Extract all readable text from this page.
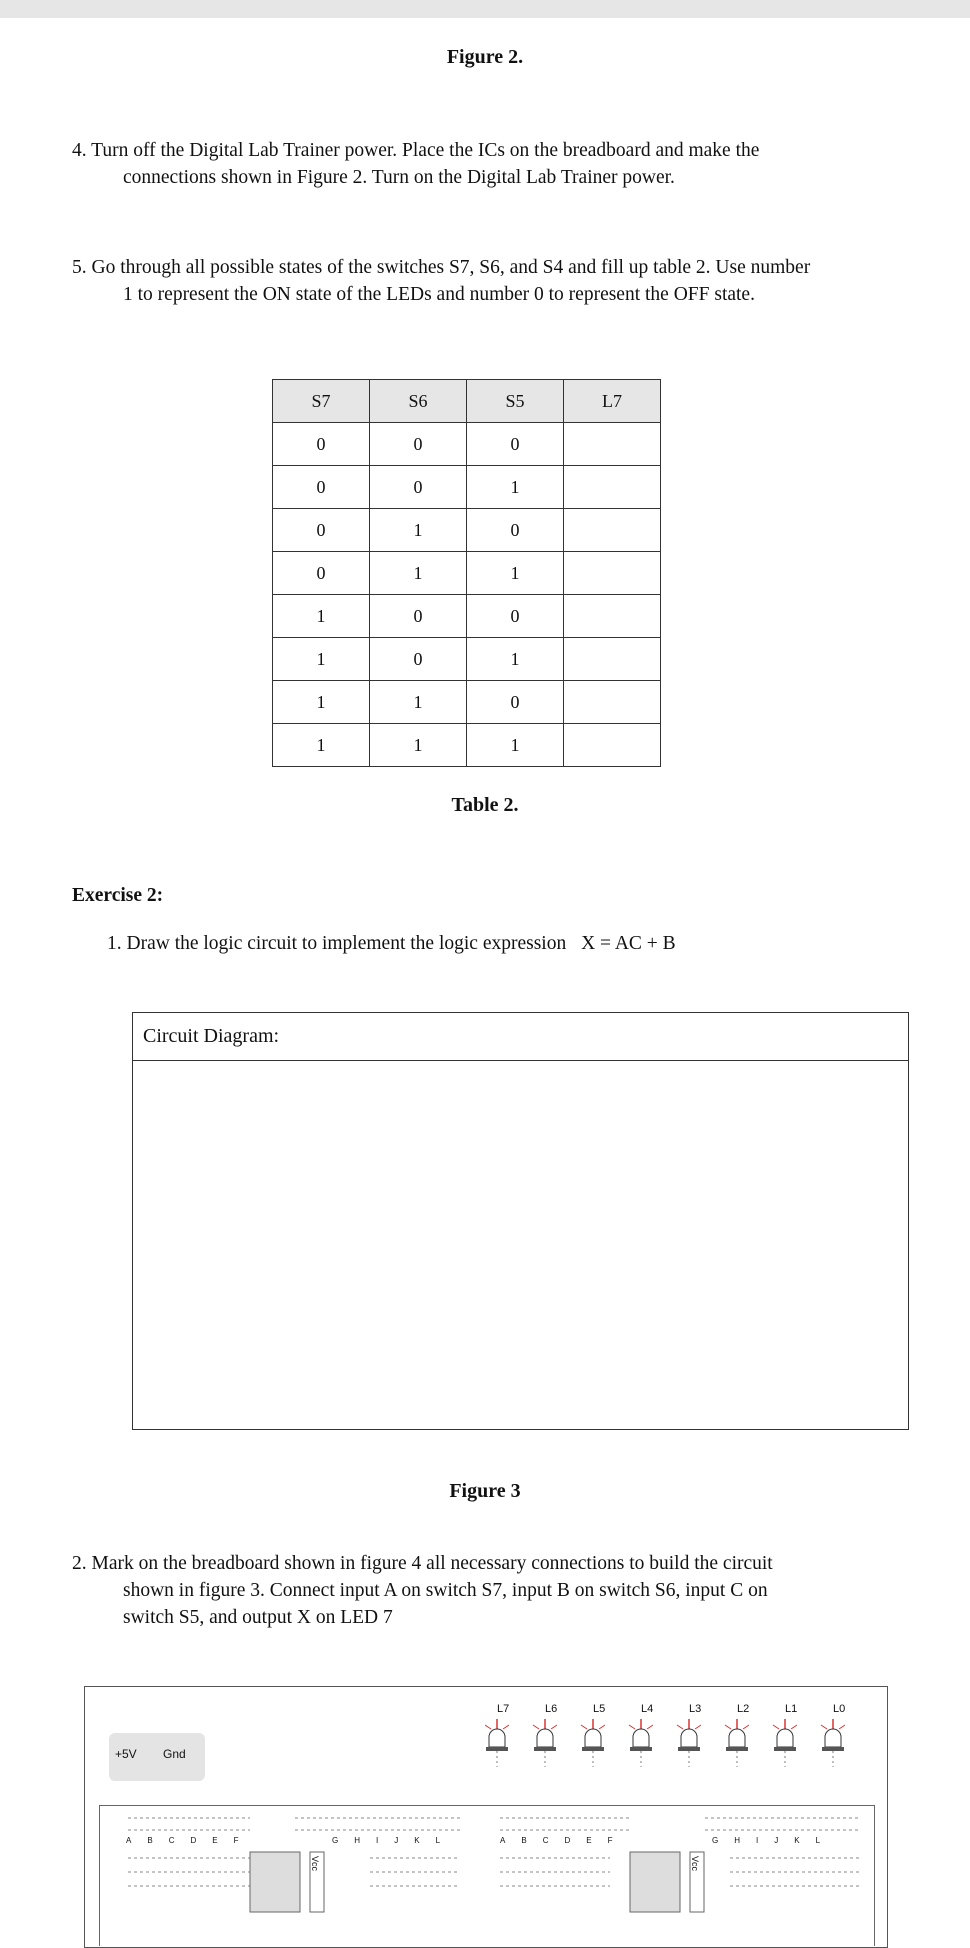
Figure 2.
4. Turn off the Digital Lab Trainer power. Place the ICs on the breadboard and make the
connections shown in Figure 2. Turn on the Digital Lab Trainer power.
5. Go through all possible states of the switches S7, S6, and S4 and fill up table 2. Use number
1 to represent the ON state of the LEDs and number 0 to represent the OFF state.
S7	S6	S5	L7
0	0	0	
0	0	1	
0	1	0	
0	1	1	
1	0	0	
1	0	1	
1	1	0	
1	1	1	
Table 2.
Exercise 2:
1. Draw the logic circuit to implement the logic expression X = AC + B
Circuit Diagram:
Figure 3
2. Mark on the breadboard shown in figure 4 all necessary connections to build the circuit
shown in figure 3. Connect input A on switch S7, input B on switch S6, input C on
switch S5, and output X on LED 7
+5V Gnd
L7	L6	L5	L4	L3	L2	L1	L0
ABCDEF	GHIJKL	ABCDEF	GHIJKL
Vcc	Vcc
